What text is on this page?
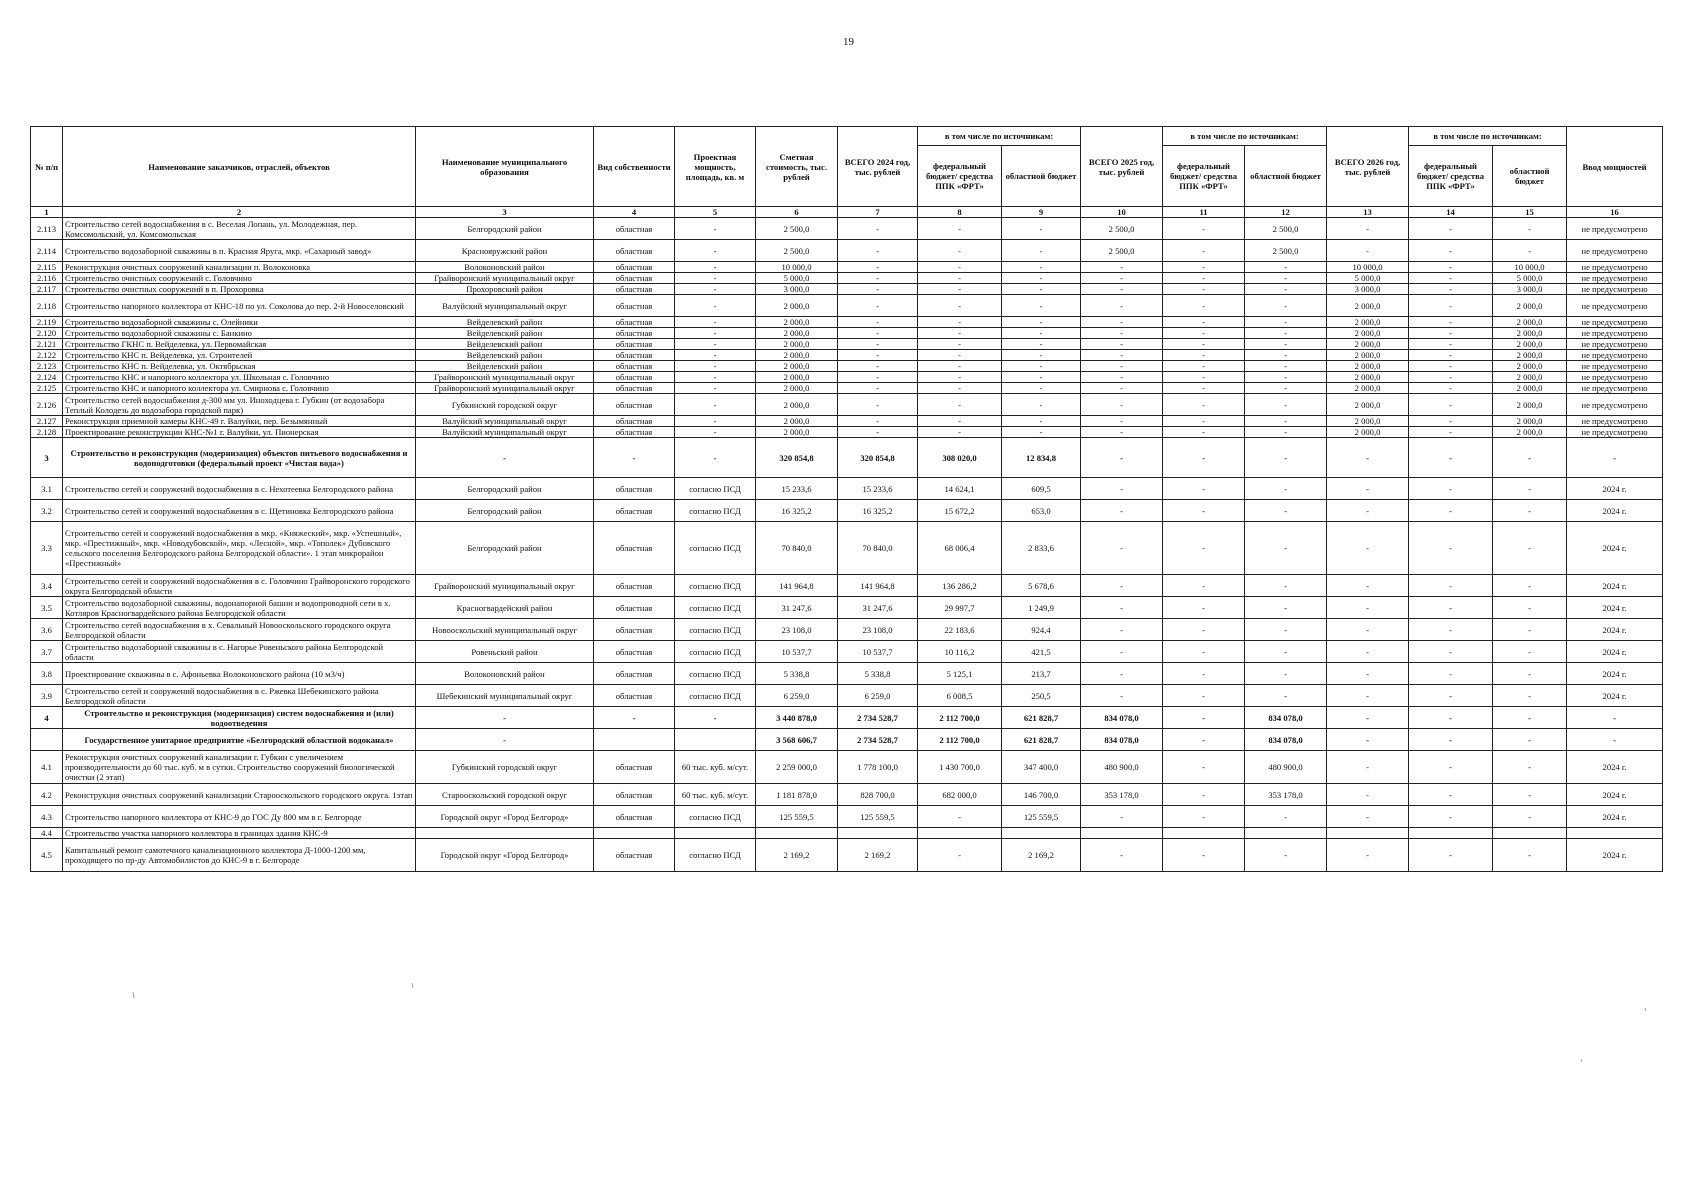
19
№ п/п	Наименование заказчиков, отраслей, объектов	Наименование муниципального образования	Вид собственности	Проектная мощность, площадь, кв. м	Сметная стоимость, тыс. рублей	ВСЕГО 2024 год, тыс. рублей	в том числе по источникам:		ВСЕГО 2025 год, тыс. рублей	в том числе по источникам:		ВСЕГО 2026 год, тыс. рублей	в том числе по источникам:		Ввод мощностей
							федеральный бюджет/ средства ППК «ФРТ»	областной бюджет		федеральный бюджет/ средства ППК «ФРТ»	областной бюджет		федеральный бюджет/ средства ППК «ФРТ»	областной бюджет	
1	2	3	4	5	6	7	8	9	10	11	12	13	14	15	16
2.113	Строительство сетей водоснабжения в с. Веселая Лопань, ул. Молодежная, пер. Комсомольский, ул. Комсомольская	Белгородский район	областная	-	2 500,0	-	-	-	2 500,0	-	2 500,0	-	-	-	не предусмотрено
2.114	Строительство водозаборной скважины в п. Красная Яруга, мкр. «Сахарный завод»	Краснояружский район	областная	-	2 500,0	-	-	-	2 500,0	-	2 500,0	-	-	-	не предусмотрено
2.115	Реконструкция очистных сооружений канализации п. Волоконовка	Волоконовский район	областная	-	10 000,0	-	-	-	-	-	-	10 000,0	-	10 000,0	не предусмотрено
2.116	Строительство очистных сооружений с. Головчино	Грайворонский муниципальный округ	областная	-	5 000,0	-	-	-	-	-	-	5 000,0	-	5 000,0	не предусмотрено
2.117	Строительство очистных сооружений в п. Прохоровка	Прохоровский район	областная	-	3 000,0	-	-	-	-	-	-	3 000,0	-	3 000,0	не предусмотрено
2.118	Строительство напорного коллектора от КНС-18 по ул. Соколова до пер. 2-й Новоселовский	Валуйский муниципальный округ	областная	-	2 000,0	-	-	-	-	-	-	2 000,0	-	2 000,0	не предусмотрено
2.119	Строительство водозаборной скважины с. Олейники	Вейделевский район	областная	-	2 000,0	-	-	-	-	-	-	2 000,0	-	2 000,0	не предусмотрено
2.120	Строительство водозаборной скважины с. Банкино	Вейделевский район	областная	-	2 000,0	-	-	-	-	-	-	2 000,0	-	2 000,0	не предусмотрено
2.121	Строительство ГКНС п. Вейделевка, ул. Первомайская	Вейделевский район	областная	-	2 000,0	-	-	-	-	-	-	2 000,0	-	2 000,0	не предусмотрено
2.122	Строительство КНС п. Вейделевка, ул. Строителей	Вейделевский район	областная	-	2 000,0	-	-	-	-	-	-	2 000,0	-	2 000,0	не предусмотрено
2.123	Строительство КНС п. Вейделевка, ул. Октябрьская	Вейделевский район	областная	-	2 000,0	-	-	-	-	-	-	2 000,0	-	2 000,0	не предусмотрено
2.124	Строительство КНС и напорного коллектора ул. Школьная с. Головчино	Грайворонский муниципальный округ	областная	-	2 000,0	-	-	-	-	-	-	2 000,0	-	2 000,0	не предусмотрено
2.125	Строительство КНС и напорного коллектора ул. Смирнова с. Головчино	Грайворонский муниципальный округ	областная	-	2 000,0	-	-	-	-	-	-	2 000,0	-	2 000,0	не предусмотрено
2.126	Строительство сетей водоснабжения д-300 мм ул. Иноходцева г. Губкин (от водозабора Теплый Колодезь до водозабора городской парк)	Губкинский городской округ	областная	-	2 000,0	-	-	-	-	-	-	2 000,0	-	2 000,0	не предусмотрено
2.127	Реконструкция приемной камеры КНС-49 г. Валуйки, пер. Безымянный	Валуйский муниципальный округ	областная	-	2 000,0	-	-	-	-	-	-	2 000,0	-	2 000,0	не предусмотрено
2.128	Проектирование реконструкции КНС-№1 г. Валуйки, ул. Пионерская	Валуйский муниципальный округ	областная	-	2 000,0	-	-	-	-	-	-	2 000,0	-	2 000,0	не предусмотрено
3	Строительство и реконструкция (модернизация) объектов питьевого водоснабжения и водоподготовки (федеральный проект «Чистая вода»)	-	-	-	320 854,8	320 854,8	308 020,0	12 834,8	-	-	-	-	-	-	-
3.1	Строительство сетей и сооружений водоснабжения в с. Нехотеевка Белгородского района	Белгородский район	областная	согласно ПСД	15 233,6	15 233,6	14 624,1	609,5	-	-	-	-	-	-	2024 г.
3.2	Строительство сетей и сооружений водоснабжения в с. Щетиновка Белгородского района	Белгородский район	областная	согласно ПСД	16 325,2	16 325,2	15 672,2	653,0	-	-	-	-	-	-	2024 г.
3.3	Строительство сетей и сооружений водоснабжения в мкр. «Княжеский», мкр. «Успешный», мкр. «Престижный», мкр. «Новодубовской», мкр. «Лесной», мкр. «Тополек» Дубовского сельского поселения Белгородского района Белгородской области». 1 этап микрорайон «Престижный»	Белгородский район	областная	согласно ПСД	70 840,0	70 840,0	68 006,4	2 833,6	-	-	-	-	-	-	2024 г.
3.4	Строительство сетей и сооружений водоснабжения в с. Головчино Грайворонского городского округа Белгородской области	Грайворонский муниципальный округ	областная	согласно ПСД	141 964,8	141 964,8	136 286,2	5 678,6	-	-	-	-	-	-	2024 г.
3.5	Строительство водозаборной скважины, водонапорной башни и водопроводной сети в х. Котляров Красногвардейского района Белгородской области	Красногвардейский район	областная	согласно ПСД	31 247,6	31 247,6	29 997,7	1 249,9	-	-	-	-	-	-	2024 г.
3.6	Строительство сетей водоснабжения в х. Севальный Новооскольского городского округа Белгородской области	Новооскольский муниципальный округ	областная	согласно ПСД	23 108,0	23 108,0	22 183,6	924,4	-	-	-	-	-	-	2024 г.
3.7	Строительство водозаборной скважины в с. Нагорье Ровеньского района Белгородской области	Ровеньский район	областная	согласно ПСД	10 537,7	10 537,7	10 116,2	421,5	-	-	-	-	-	-	2024 г.
3.8	Проектирование скважины в с. Афоньевка Волоконовского района (10 м3/ч)	Волоконовский район	областная	согласно ПСД	5 338,8	5 338,8	5 125,1	213,7	-	-	-	-	-	-	2024 г.
3.9	Строительство сетей и сооружений водоснабжения в с. Ржевка Шебекинского района Белгородской области	Шебекинский муниципальный округ	областная	согласно ПСД	6 259,0	6 259,0	6 008,5	250,5	-	-	-	-	-	-	2024 г.
4	Строительство и реконструкция (модернизация) систем водоснабжения и (или) водоотведения	-	-	-	3 440 878,0	2 734 528,7	2 112 700,0	621 828,7	834 078,0	-	834 078,0	-	-	-	-
	Государственное унитарное предприятие «Белгородский областной водоканал»	-			3 568 606,7	2 734 528,7	2 112 700,0	621 828,7	834 078,0	-	834 078,0	-	-	-	-
4.1	Реконструкция очистных сооружений канализации г. Губкин с увеличением производительности до 60 тыс. куб. м в сутки. Строительство сооружений биологической очистки (2 этап)	Губкинский городской округ	областная	60 тыс. куб. м/сут.	2 259 000,0	1 778 100,0	1 430 700,0	347 400,0	480 900,0	-	480 900,0	-	-	-	2024 г.
4.2	Реконструкция очистных сооружений канализации Старооскольского городского округа. 1этап	Старооскольский городской округ	областная	60 тыс. куб. м/сут.	1 181 878,0	828 700,0	682 000,0	146 700,0	353 178,0	-	353 178,0	-	-	-	2024 г.
4.3	Строительство напорного коллектора от КНС-9 до ГОС Ду 800 мм в г. Белгороде	Городской округ «Город Белгород»	областная	согласно ПСД	125 559,5	125 559,5	-	125 559,5	-	-	-	-	-	-	2024 г.
4.4	Строительство участка напорного коллектора в границах здания КНС-9														
4.5	Капитальный ремонт самотечного канализационного коллектора Д-1000-1200 мм, проходящего по пр-ду Автомобилистов до КНС-9 в г. Белгороде	Городской округ «Город Белгород»	областная	согласно ПСД	2 169,2	2 169,2	-	2 169,2	-	-	-	-	-	-	2024 г.
